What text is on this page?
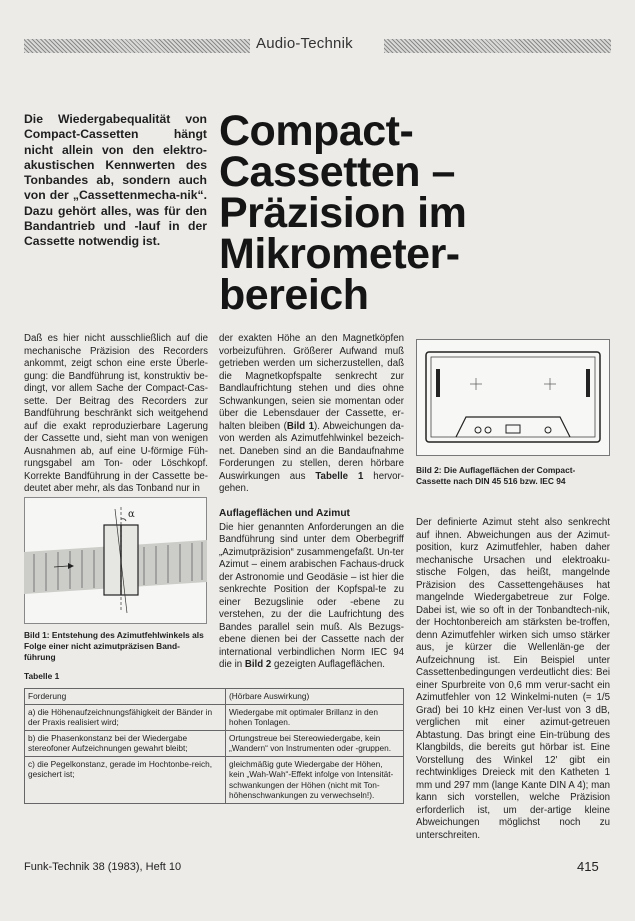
Audio-Technik
Die Wiedergabequalität von Compact-Cassetten hängt nicht allein von den elektro-akustischen Kennwerten des Tonbandes ab, sondern auch von der „Cassettenmecha-nik“. Dazu gehört alles, was für den Bandantrieb und -lauf in der Cassette notwendig ist.
Compact-
Cassetten –
Präzision im
Mikrometer-
bereich

Daß es hier nicht ausschließlich auf die mechanische Präzision des Recorders ankommt, zeigt schon eine erste Überle-gung: die Bandführung ist, konstruktiv be-dingt, vor allem Sache der Compact-Cas-sette. Der Beitrag des Recorders zur Bandführung beschränkt sich weitgehend auf die exakt reproduzierbare Lagerung der Cassette und, sieht man von wenigen Ausnahmen ab, auf eine U-förmige Füh-rungsgabel am Ton- oder Löschkopf. Korrekte Bandführung in der Cassette be-deutet aber mehr, als das Tonband nur in

der exakten Höhe an den Magnetköpfen vorbeizuführen. Größerer Aufwand muß getrieben werden um sicherzustellen, daß die Magnetkopfspalte senkrecht zur Bandlaufrichtung stehen und dies ohne Schwankungen, seien sie momentan oder über die Lebensdauer der Cassette, er-halten bleiben (Bild 1). Abweichungen da-von werden als Azimutfehlwinkel bezeich-net. Daneben sind an die Bandaufnahme Forderungen zu stellen, deren hörbare Auswirkungen aus Tabelle 1 hervor-gehen.

Bild 2: Die Auflageflächen der Compact-Cassette nach DIN 45 516 bzw. IEC 94
α
Bild 1: Entstehung des Azimutfehlwinkels als Folge einer nicht azimutpräzisen Band-führung
Auflageflächen und Azimut

Die hier genannten Anforderungen an die Bandführung sind unter dem Oberbegriff „Azimutpräzision“ zusammengefaßt. Un-ter Azimut – einem arabischen Fachaus-druck der Astronomie und Geodäsie – ist hier die senkrechte Position der Kopfspal-te zu einer Bezugslinie oder -ebene zu verstehen, zu der die Laufrichtung des Bandes parallel sein muß. Als Bezugs-ebene dienen bei der Cassette nach der international verbindlichen Norm IEC 94 die in Bild 2 gezeigten Auflageflächen.

Der definierte Azimut steht also senkrecht auf ihnen. Abweichungen aus der Azimut-position, kurz Azimutfehler, haben daher mechanische Ursachen und elektroaku-stische Folgen, das heißt, mangelnde Präzision des Cassettengehäuses hat mangelnde Wiedergabetreue zur Folge. Dabei ist, wie so oft in der Tonbandtech-nik, der Hochtonbereich am stärksten be-troffen, denn Azimutfehler wirken sich umso stärker aus, je kürzer die Wellenlän-ge der Aufzeichnung ist. Ein Beispiel unter Cassettenbedingungen verdeutlicht dies: Bei einer Spurbreite von 0,6 mm verur-sacht ein Azimutfehler von 12 Winkelmi-nuten (= 1/5 Grad) bei 10 kHz einen Ver-lust von 3 dB, verglichen mit einer azimut-getreuen Abtastung. Das bringt eine Ein-trübung des Klangbilds, die bereits gut hörbar ist. Eine Vorstellung des Winkel 12' gibt ein rechtwinkliges Dreieck mit den Katheten 1 mm und 297 mm (lange Kante DIN A 4); man kann sich vorstellen, welche Präzision erforderlich ist, um der-artige kleine Abweichungen möglichst noch zu unterschreiten.

Tabelle 1
Forderung	(Hörbare Auswirkung)
a) die Höhenaufzeichnungsfähigkeit der Bänder in der Praxis realisiert wird;	Wiedergabe mit optimaler Brillanz in den hohen Tonlagen.
b) die Phasenkonstanz bei der Wiedergabe stereofoner Aufzeichnungen gewahrt bleibt;	Ortungstreue bei Stereowiedergabe, kein „Wandern“ von Instrumenten oder -gruppen.
c) die Pegelkonstanz, gerade im Hochtonbe-reich, gesichert ist;	gleichmäßig gute Wiedergabe der Höhen, kein „Wah-Wah“-Effekt infolge von Intensität-schwankungen der Höhen (nicht mit Ton-höhenschwankungen zu verwechseln!).
Funk-Technik 38 (1983), Heft 10	415
